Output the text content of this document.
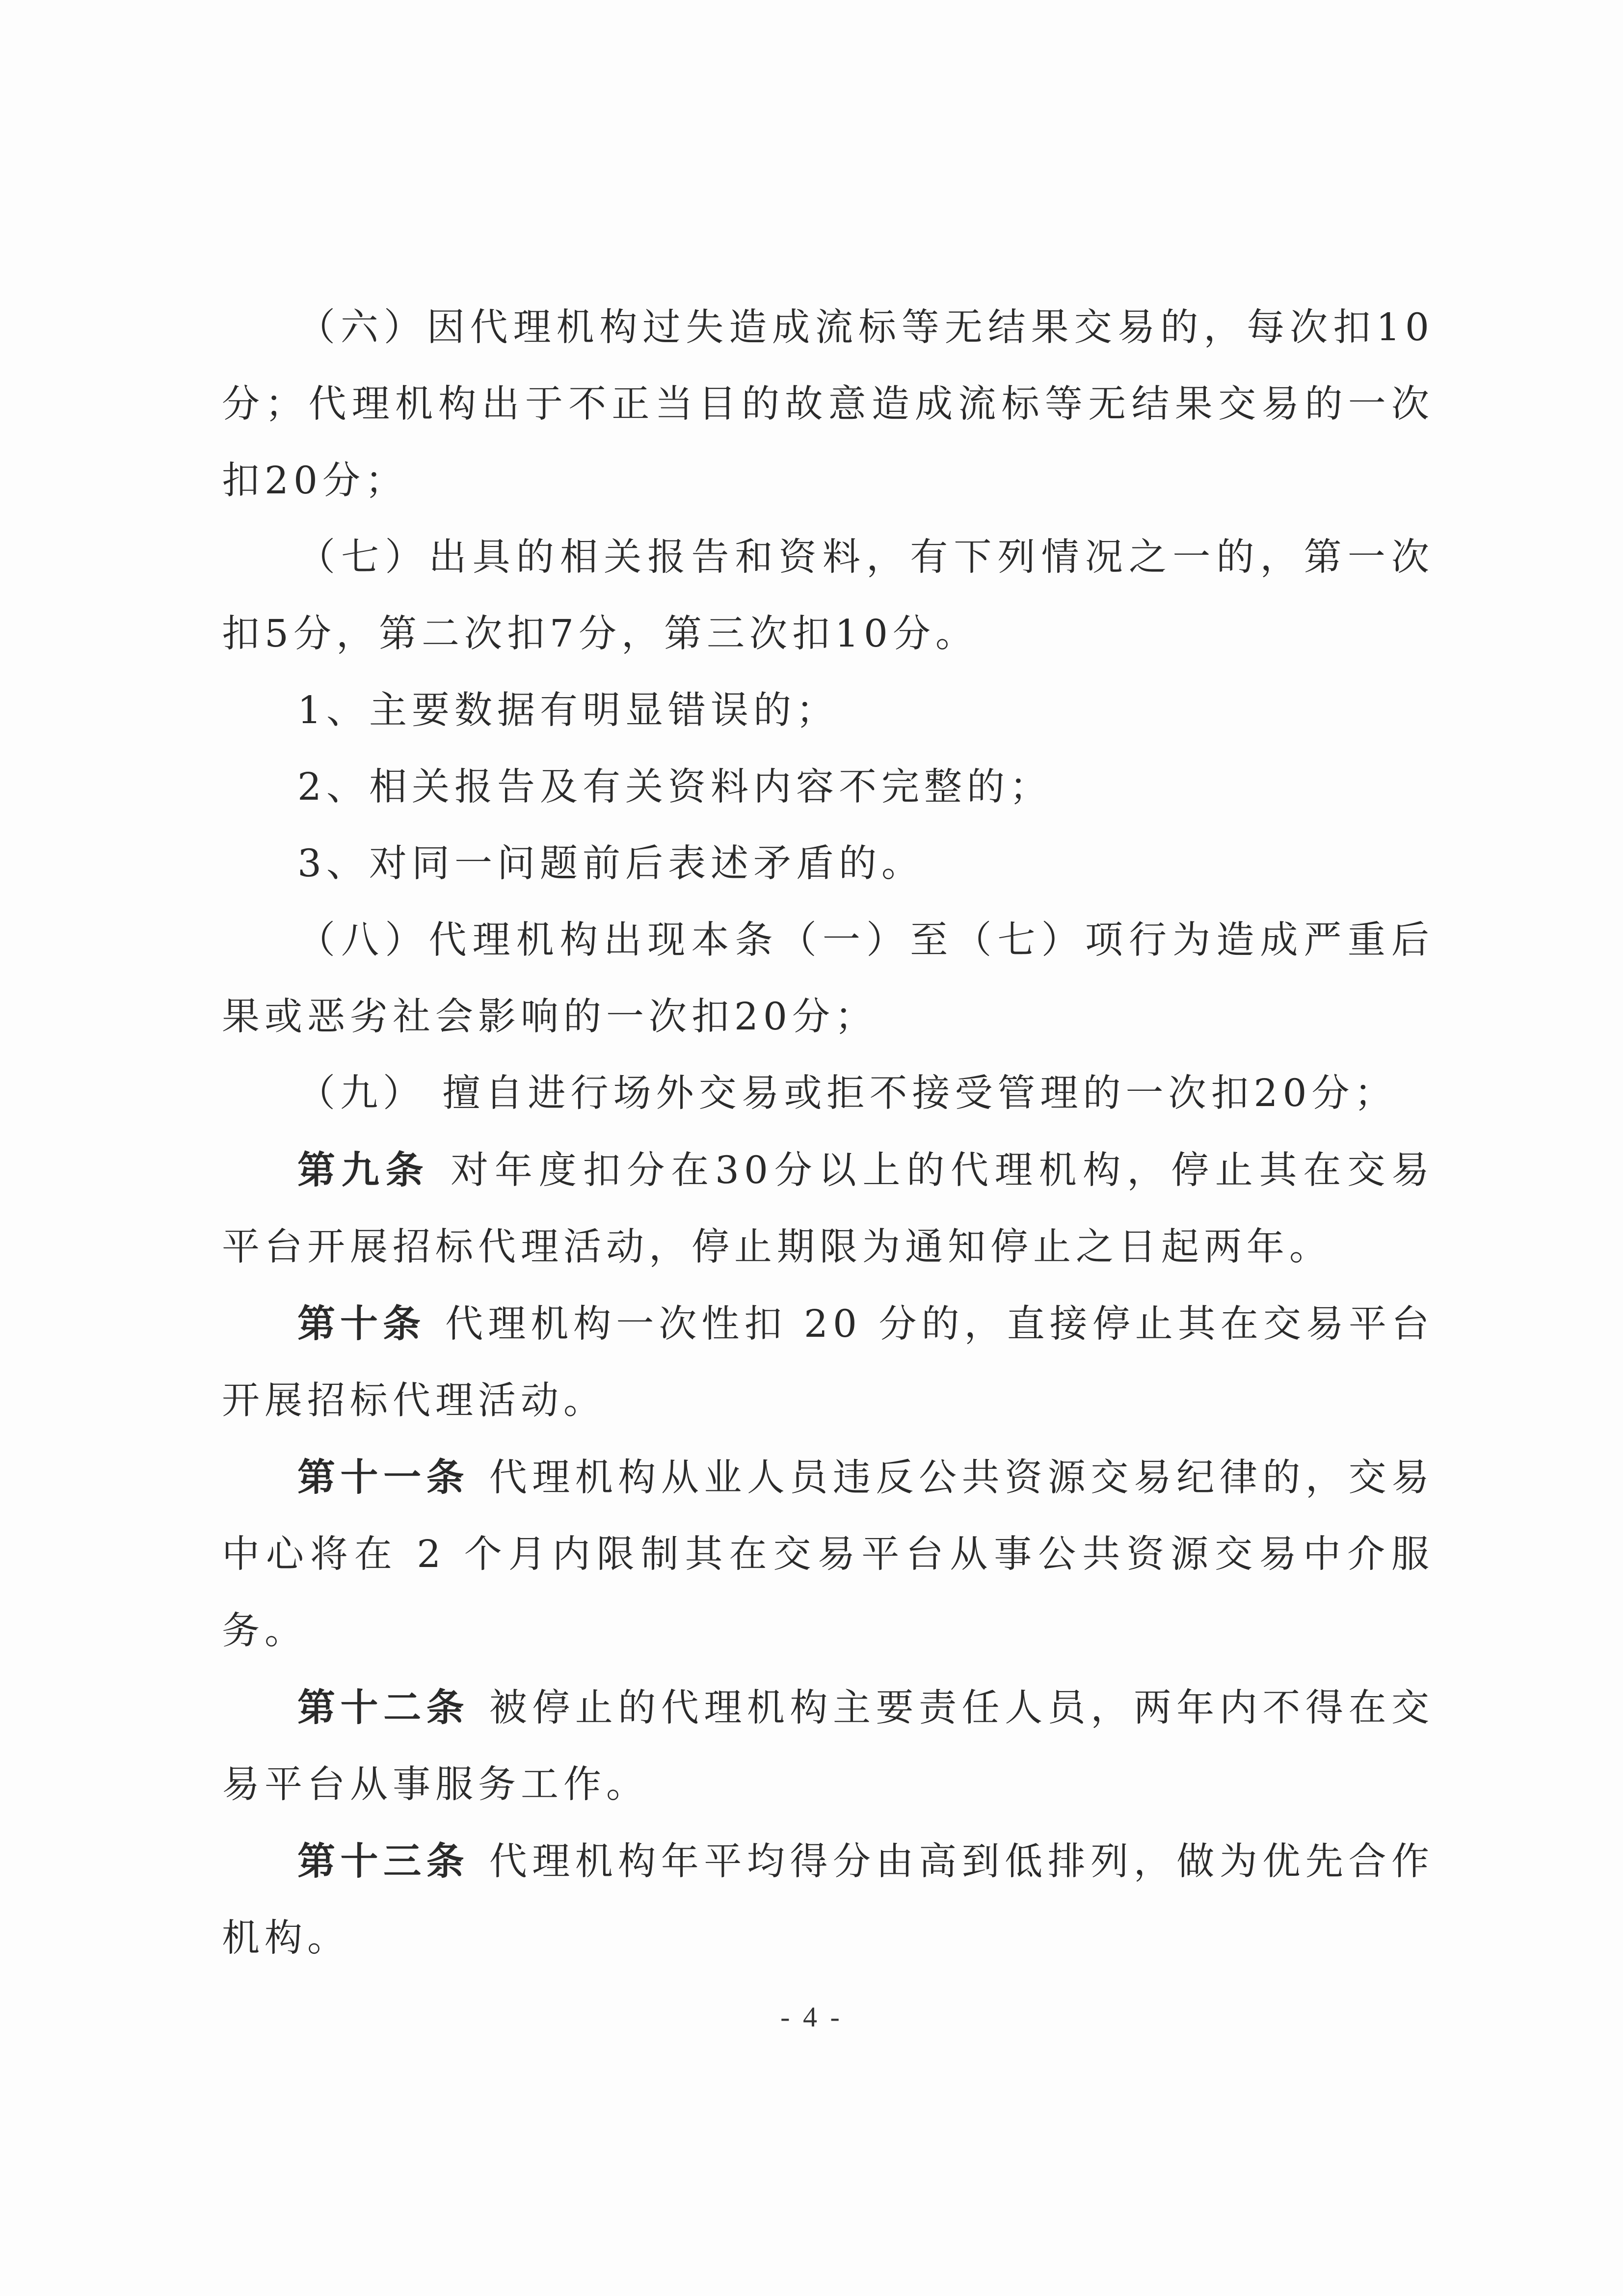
（六）因代理机构过失造成流标等无结果交易的，每次扣10分；代理机构出于不正当目的故意造成流标等无结果交易的一次扣20分；

（七）出具的相关报告和资料，有下列情况之一的，第一次扣5分，第二次扣7分，第三次扣10分。

1、主要数据有明显错误的；

2、相关报告及有关资料内容不完整的；

3、对同一问题前后表述矛盾的。

（八）代理机构出现本条（一）至（七）项行为造成严重后果或恶劣社会影响的一次扣20分；

（九） 擅自进行场外交易或拒不接受管理的一次扣20分；

第九条 对年度扣分在30分以上的代理机构，停止其在交易平台开展招标代理活动，停止期限为通知停止之日起两年。

第十条 代理机构一次性扣 20 分的，直接停止其在交易平台开展招标代理活动。

第十一条 代理机构从业人员违反公共资源交易纪律的，交易中心将在 2 个月内限制其在交易平台从事公共资源交易中介服务。

第十二条 被停止的代理机构主要责任人员，两年内不得在交易平台从事服务工作。

第十三条 代理机构年平均得分由高到低排列，做为优先合作机构。

- 4 -
